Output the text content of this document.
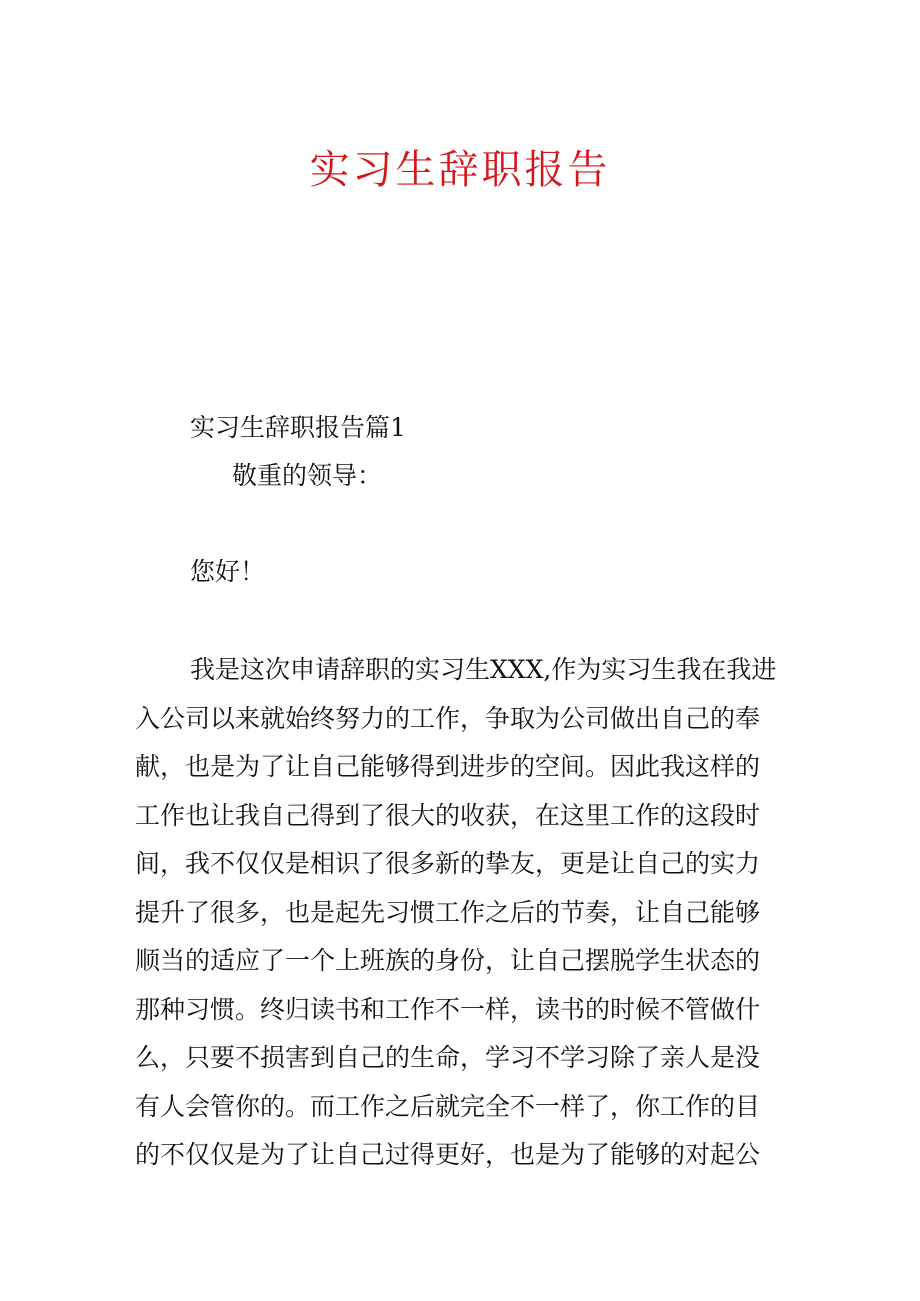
实习生辞职报告
实习生辞职报告篇1
敬重的领导：
您好！
我是这次申请辞职的实习生XXX,作为实习生我在我进
入公司以来就始终努力的工作，争取为公司做出自己的奉
献，也是为了让自己能够得到进步的空间。因此我这样的
工作也让我自己得到了很大的收获，在这里工作的这段时
间，我不仅仅是相识了很多新的挚友，更是让自己的实力
提升了很多，也是起先习惯工作之后的节奏，让自己能够
顺当的适应了一个上班族的身份，让自己摆脱学生状态的
那种习惯。终归读书和工作不一样，读书的时候不管做什
么，只要不损害到自己的生命，学习不学习除了亲人是没
有人会管你的。而工作之后就完全不一样了，你工作的目
的不仅仅是为了让自己过得更好，也是为了能够的对起公
